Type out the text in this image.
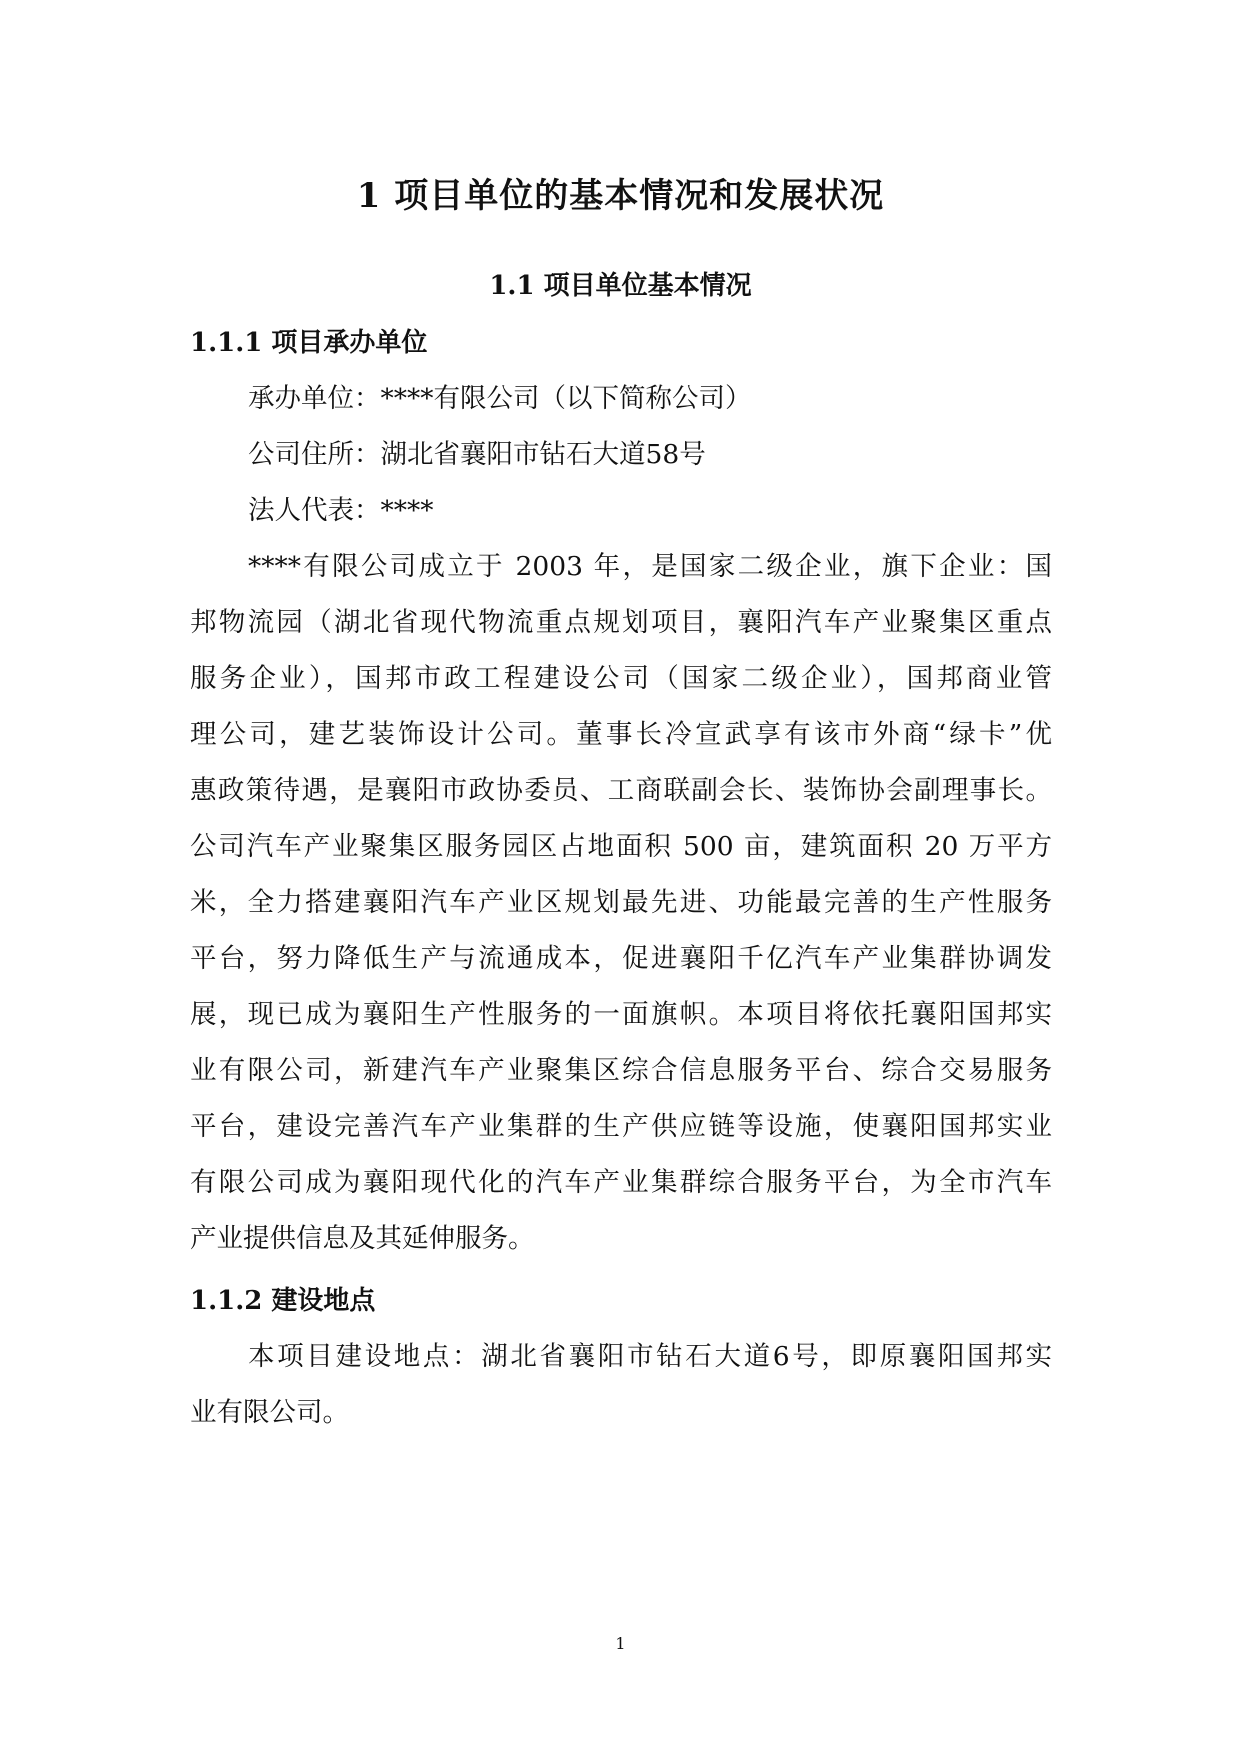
1 项目单位的基本情况和发展状况
1.1 项目单位基本情况
1.1.1 项目承办单位
承办单位：****有限公司（以下简称公司）
公司住所：湖北省襄阳市钻石大道58号
法人代表：****
****有限公司成立于 2003 年，是国家二级企业，旗下企业：国
邦物流园（湖北省现代物流重点规划项目，襄阳汽车产业聚集区重点
服务企业），国邦市政工程建设公司（国家二级企业），国邦商业管
理公司，建艺装饰设计公司。董事长冷宣武享有该市外商“绿卡”优
惠政策待遇，是襄阳市政协委员、工商联副会长、装饰协会副理事长。
公司汽车产业聚集区服务园区占地面积 500 亩，建筑面积 20 万平方
米，全力搭建襄阳汽车产业区规划最先进、功能最完善的生产性服务
平台，努力降低生产与流通成本，促进襄阳千亿汽车产业集群协调发
展，现已成为襄阳生产性服务的一面旗帜。本项目将依托襄阳国邦实
业有限公司，新建汽车产业聚集区综合信息服务平台、综合交易服务
平台，建设完善汽车产业集群的生产供应链等设施，使襄阳国邦实业
有限公司成为襄阳现代化的汽车产业集群综合服务平台，为全市汽车
产业提供信息及其延伸服务。
1.1.2 建设地点
本项目建设地点：湖北省襄阳市钻石大道6号，即原襄阳国邦实
业有限公司。
1
